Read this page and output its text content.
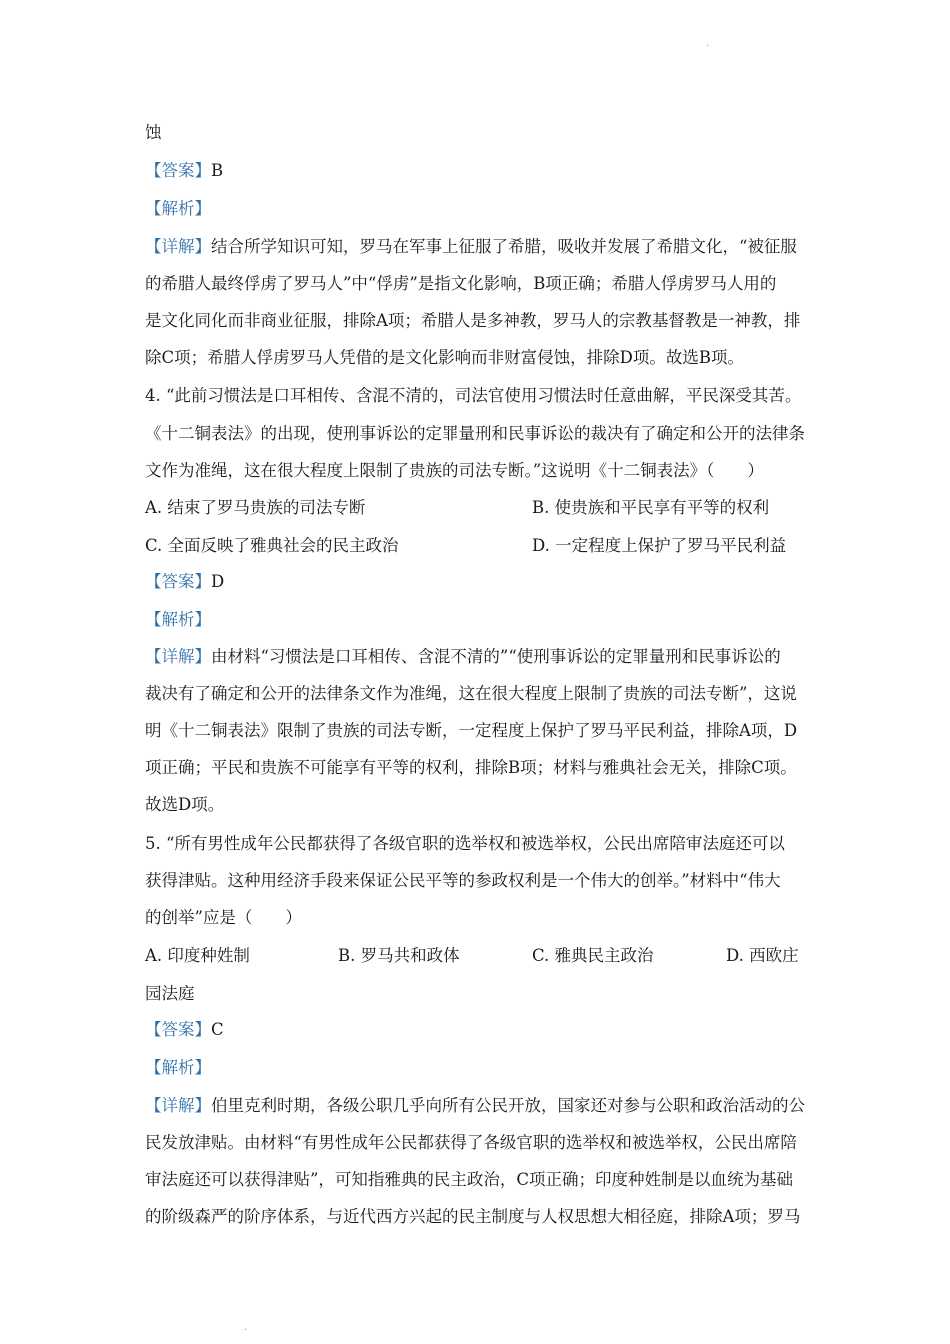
.
蚀
【答案】B
【解析】
【详解】结合所学知识可知，罗马在军事上征服了希腊，吸收并发展了希腊文化，“被征服
的希腊人最终俘虏了罗马人”中“俘虏”是指文化影响，B项正确；希腊人俘虏罗马人用的
是文化同化而非商业征服，排除A项；希腊人是多神教，罗马人的宗教基督教是一神教，排
除C项；希腊人俘虏罗马人凭借的是文化影响而非财富侵蚀，排除D项。故选B项。
4. “此前习惯法是口耳相传、含混不清的，司法官使用习惯法时任意曲解，平民深受其苦。
《十二铜表法》的出现，使刑事诉讼的定罪量刑和民事诉讼的裁决有了确定和公开的法律条
文作为准绳，这在很大程度上限制了贵族的司法专断。”这说明《十二铜表法》（　　）
A. 结束了罗马贵族的司法专断	B. 使贵族和平民享有平等的权利
C. 全面反映了雅典社会的民主政治	D. 一定程度上保护了罗马平民利益
【答案】D
【解析】
【详解】由材料“习惯法是口耳相传、含混不清的”“使刑事诉讼的定罪量刑和民事诉讼的
裁决有了确定和公开的法律条文作为准绳，这在很大程度上限制了贵族的司法专断”，这说
明《十二铜表法》限制了贵族的司法专断，一定程度上保护了罗马平民利益，排除A项，D
项正确；平民和贵族不可能享有平等的权利，排除B项；材料与雅典社会无关，排除C项。
故选D项。
5. “所有男性成年公民都获得了各级官职的选举权和被选举权，公民出席陪审法庭还可以
获得津贴。这种用经济手段来保证公民平等的参政权利是一个伟大的创举。”材料中“伟大
的创举”应是（　　）
A. 印度种姓制	B. 罗马共和政体	C. 雅典民主政治	D. 西欧庄
园法庭
【答案】C
【解析】
【详解】伯里克利时期，各级公职几乎向所有公民开放，国家还对参与公职和政治活动的公
民发放津贴。由材料“有男性成年公民都获得了各级官职的选举权和被选举权，公民出席陪
审法庭还可以获得津贴”，可知指雅典的民主政治，C项正确；印度种姓制是以血统为基础
的阶级森严的阶序体系，与近代西方兴起的民主制度与人权思想大相径庭，排除A项；罗马
.
